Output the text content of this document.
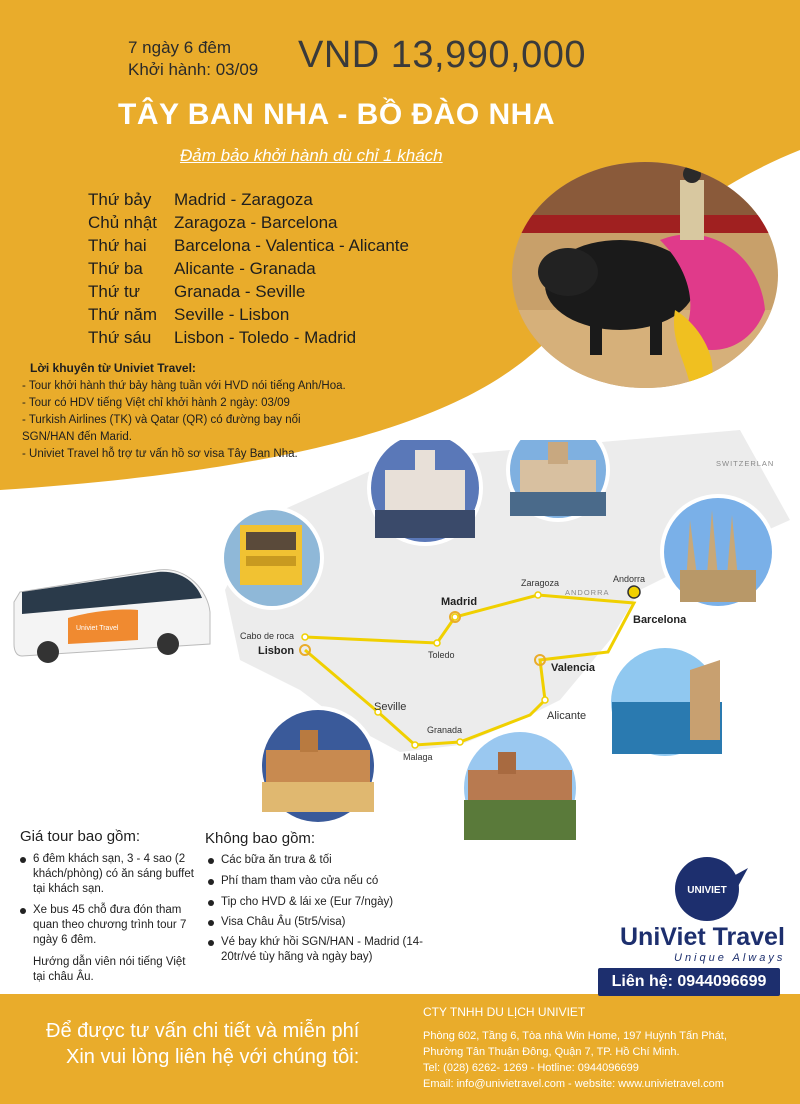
7 ngày 6 đêm
Khởi hành: 03/09 VND 13,990,000
TÂY BAN NHA - BỒ ĐÀO NHA
Đảm bảo khởi hành dù chỉ 1 khách
Thứ bảy Madrid - Zaragoza
Chủ nhật Zaragoza - Barcelona
Thứ hai Barcelona - Valentica - Alicante
Thứ ba Alicante - Granada
Thứ tư Granada - Seville
Thứ năm Seville - Lisbon
Thứ sáu Lisbon - Toledo - Madrid
Lời khuyên từ Univiet Travel:
- Tour khởi hành thứ bảy hàng tuần với HVD nói tiếng Anh/Hoa.
- Tour có HDV tiếng Việt chỉ khởi hành 2 ngày: 03/09
- Turkish Airlines (TK) và Qatar (QR) có đường bay nối
SGN/HAN đến Marid.
- Univiet Travel hỗ trợ tư vấn hồ sơ visa Tây Ban Nha.
SWITZERLAN
ANDORRA
Madrid
Zaragoza	Andorra
Barcelona
Cabo de roca
Lisbon	Toledo
Valencia
Seville
Alicante
Granada
Malaga
Univiet Travel
Giá tour bao gồm:
6 đêm khách sạn, 3 - 4 sao (2 khách/phòng) có ăn sáng buffet tại khách sạn.
Xe bus 45 chỗ đưa đón tham quan theo chương trình tour 7 ngày 6 đêm.
Hướng dẫn viên nói tiếng Việt tại châu Âu.
Không bao gồm:
Các bữa ăn trưa & tối
Phí tham tham vào cửa nếu có
Tip cho HVD & lái xe (Eur 7/ngày)
Visa Châu Âu (5tr5/visa)
Vé bay khứ hồi SGN/HAN - Madrid (14-20tr/vé tùy hãng và ngày bay)
UNIVIET
UniViet Travel
Unique Always
Liên hệ: 0944096699
Để được tư vấn chi tiết và miễn phí
Xin vui lòng liên hệ với chúng tôi:
CTY TNHH DU LỊCH UNIVIET
Phòng 602, Tầng 6, Tòa nhà Win Home, 197 Huỳnh Tấn Phát,
Phường Tân Thuận Đông, Quận 7, TP. Hồ Chí Minh.
Tel: (028) 6262- 1269 - Hotline: 0944096699
Email: info@univietravel.com - website: www.univietravel.com
